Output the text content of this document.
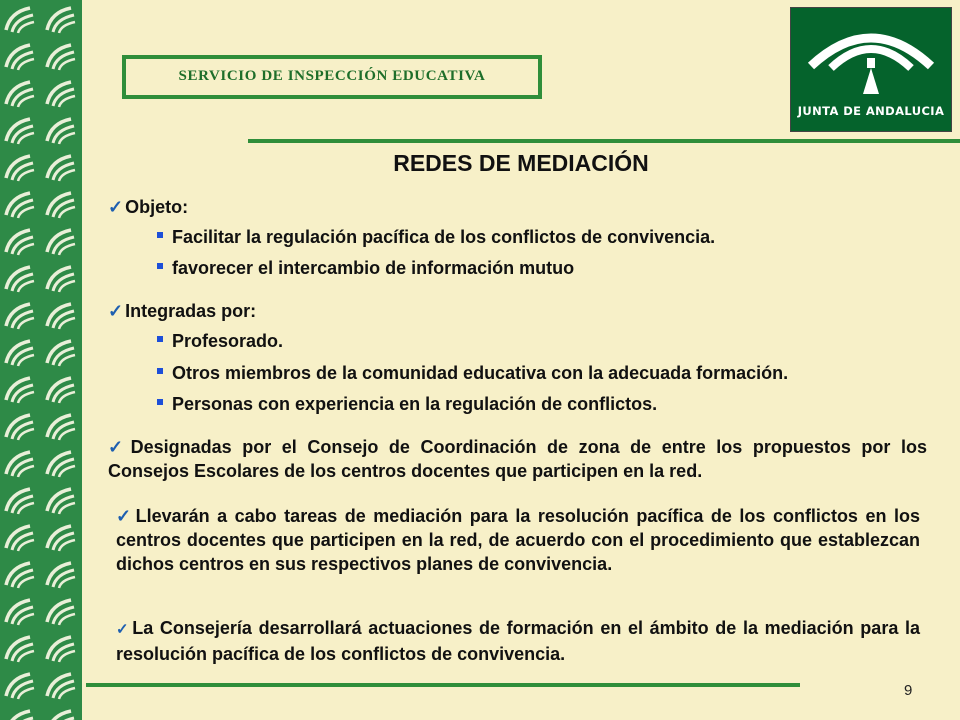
SERVICIO DE INSPECCIÓN EDUCATIVA
JUNTA DE ANDALUCIA
REDES DE MEDIACIÓN
✓ Objeto:
Facilitar la regulación pacífica de los conflictos de convivencia.
favorecer el intercambio de información mutuo
✓ Integradas por:
Profesorado.
Otros miembros de la comunidad educativa con la adecuada formación.
Personas con experiencia en la regulación de conflictos.
✓ Designadas por el Consejo de Coordinación de zona de entre los propuestos por los Consejos Escolares de los centros docentes que participen en la red.
✓ Llevarán a cabo tareas de mediación para la resolución pacífica de los conflictos en los centros docentes que participen en la red, de acuerdo con el procedimiento que establezcan dichos centros en sus respectivos planes de convivencia.
✓ La Consejería desarrollará actuaciones de formación en el ámbito de la mediación para la resolución pacífica de los conflictos de convivencia.
9
